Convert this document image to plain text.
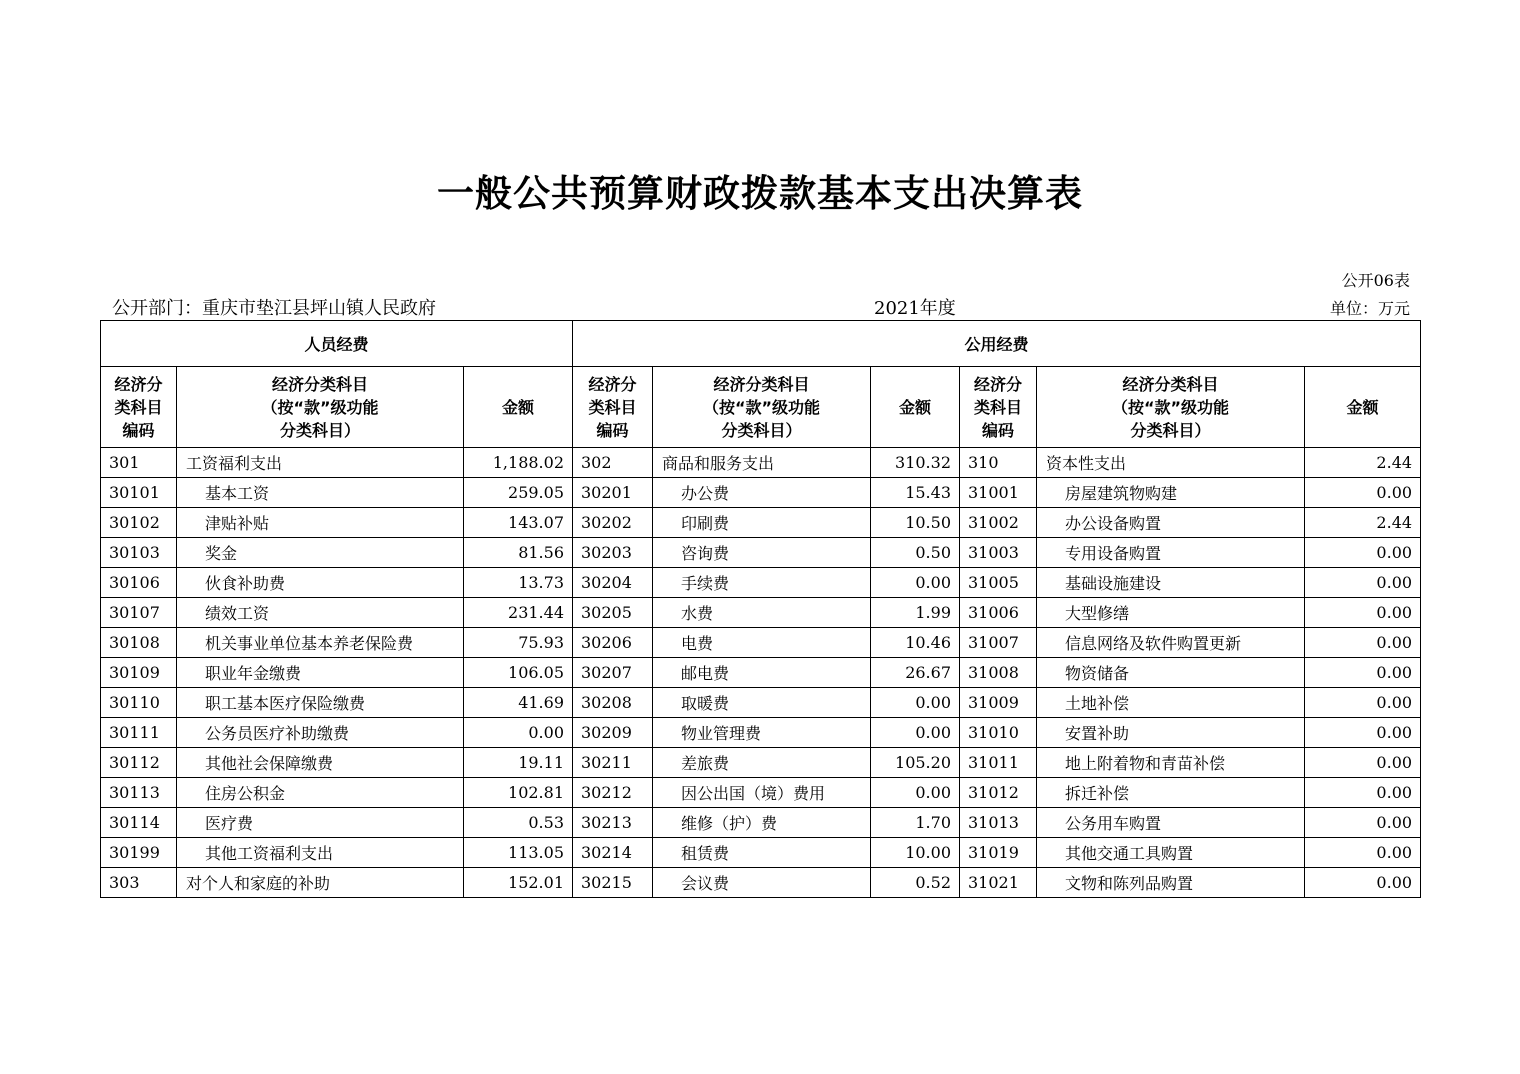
一般公共预算财政拨款基本支出决算表
公开06表
公开部门：重庆市垫江县坪山镇人民政府	2021年度	单位：万元
人员经费			公用经费					

经济分
类科目
编码	经济分类科目
（按“款”级功能
分类科目）	金额	经济分
类科目
编码	经济分类科目
（按“款”级功能
分类科目）	金额	经济分
类科目
编码	经济分类科目
（按“款”级功能
分类科目）	金额
301	工资福利支出	1,188.02	302	商品和服务支出	310.32	310	资本性支出	2.44
30101	基本工资	259.05	30201	办公费	15.43	31001	房屋建筑物购建	0.00
30102	津贴补贴	143.07	30202	印刷费	10.50	31002	办公设备购置	2.44
30103	奖金	81.56	30203	咨询费	0.50	31003	专用设备购置	0.00
30106	伙食补助费	13.73	30204	手续费	0.00	31005	基础设施建设	0.00
30107	绩效工资	231.44	30205	水费	1.99	31006	大型修缮	0.00
30108	机关事业单位基本养老保险费	75.93	30206	电费	10.46	31007	信息网络及软件购置更新	0.00
30109	职业年金缴费	106.05	30207	邮电费	26.67	31008	物资储备	0.00
30110	职工基本医疗保险缴费	41.69	30208	取暖费	0.00	31009	土地补偿	0.00
30111	公务员医疗补助缴费	0.00	30209	物业管理费	0.00	31010	安置补助	0.00
30112	其他社会保障缴费	19.11	30211	差旅费	105.20	31011	地上附着物和青苗补偿	0.00
30113	住房公积金	102.81	30212	因公出国（境）费用	0.00	31012	拆迁补偿	0.00
30114	医疗费	0.53	30213	维修（护）费	1.70	31013	公务用车购置	0.00
30199	其他工资福利支出	113.05	30214	租赁费	10.00	31019	其他交通工具购置	0.00
303	对个人和家庭的补助	152.01	30215	会议费	0.52	31021	文物和陈列品购置	0.00
